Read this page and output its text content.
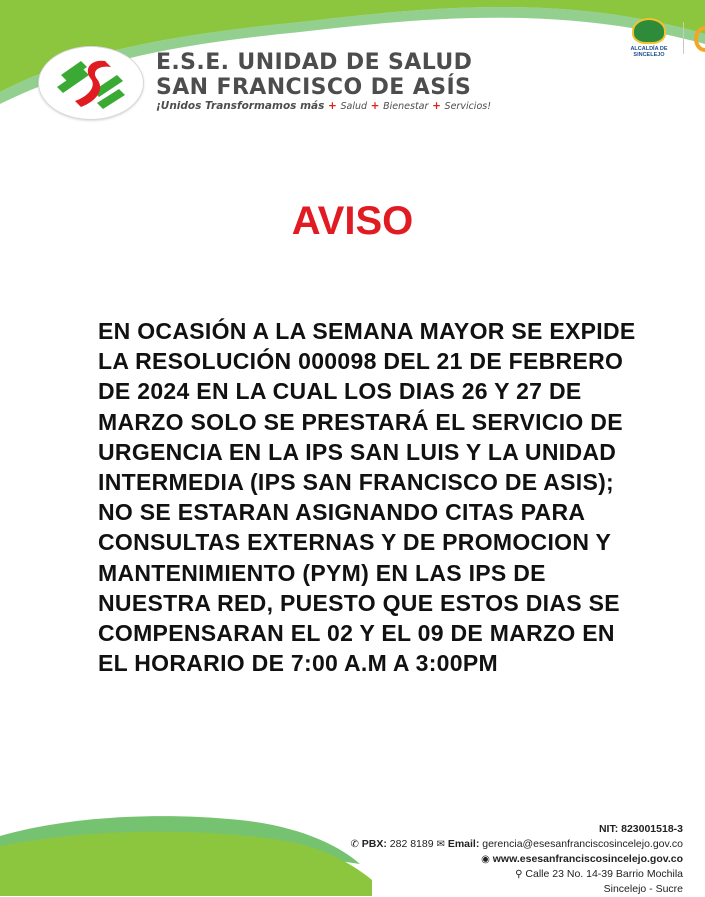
E.S.E. UNIDAD DE SALUD
SAN FRANCISCO DE ASÍS
¡Unidos Transformamos más + Salud + Bienestar + Servicios!
ALCALDÍA DE
SINCELEJO
AVISO

EN OCASIÓN A LA SEMANA MAYOR SE EXPIDE LA RESOLUCIÓN 000098 DEL 21 DE FEBRERO DE 2024 EN LA CUAL LOS DIAS 26 Y 27 DE MARZO SOLO SE PRESTARÁ EL SERVICIO DE URGENCIA EN LA IPS SAN LUIS Y LA UNIDAD INTERMEDIA (IPS SAN FRANCISCO DE ASIS); NO SE ESTARAN ASIGNANDO CITAS PARA CONSULTAS EXTERNAS Y DE PROMOCION Y MANTENIMIENTO (PYM) EN LAS IPS DE NUESTRA RED, PUESTO QUE ESTOS DIAS SE COMPENSARAN EL 02 Y EL 09 DE MARZO EN EL HORARIO DE 7:00 A.M A 3:00PM

NIT: 823001518-3
✆ PBX: 282 8189 ✉ Email: gerencia@esesanfranciscosincelejo.gov.co
◉ www.esesanfranciscosincelejo.gov.co
⚲ Calle 23 No. 14-39 Barrio Mochila
Sincelejo - Sucre
